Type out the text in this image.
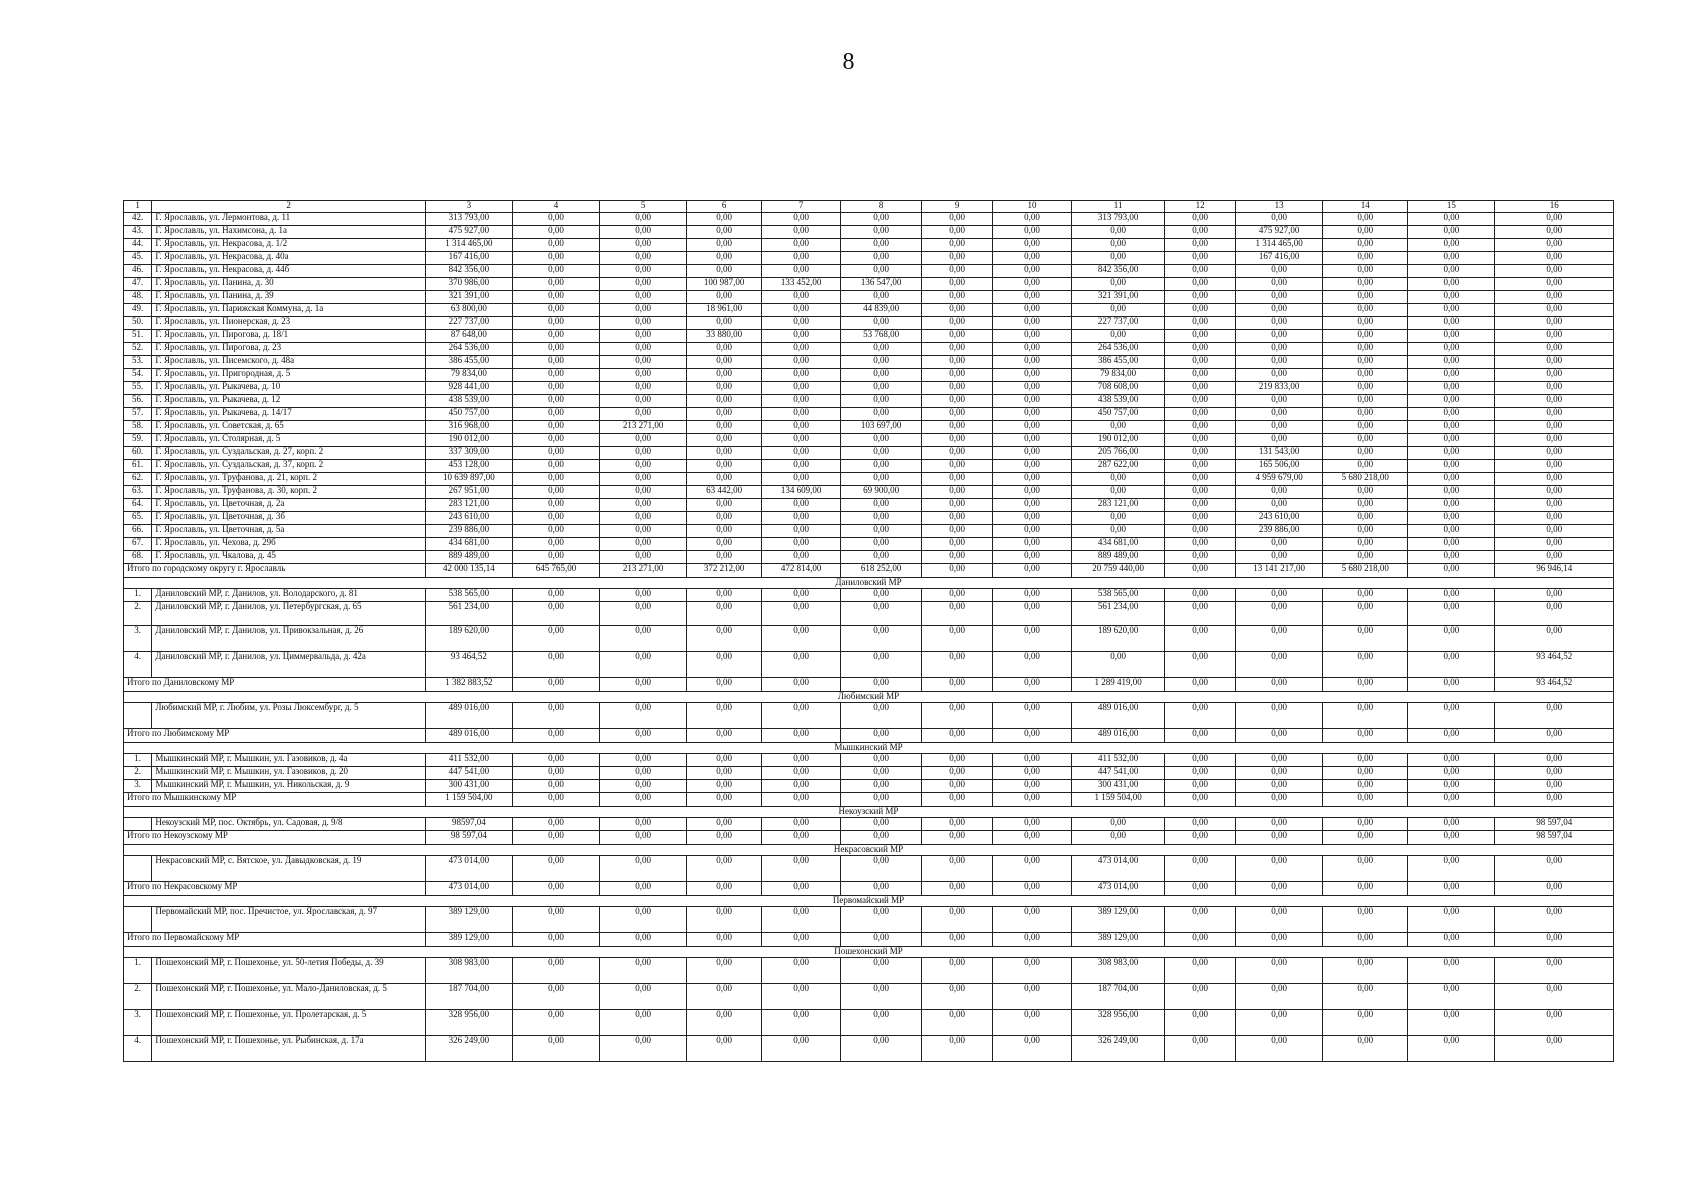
8
1	2	3	4	5	6	7	8	9	10	11	12	13	14	15	16
42.	Г. Ярославль, ул. Лермонтова, д. 11	313 793,00	0,00	0,00	0,00	0,00	0,00	0,00	0,00	313 793,00	0,00	0,00	0,00	0,00	0,00
43.	Г. Ярославль, ул. Нахимсона, д. 1а	475 927,00	0,00	0,00	0,00	0,00	0,00	0,00	0,00	0,00	0,00	475 927,00	0,00	0,00	0,00
44.	Г. Ярославль, ул. Некрасова, д. 1/2	1 314 465,00	0,00	0,00	0,00	0,00	0,00	0,00	0,00	0,00	0,00	1 314 465,00	0,00	0,00	0,00
45.	Г. Ярославль, ул. Некрасова, д. 40а	167 416,00	0,00	0,00	0,00	0,00	0,00	0,00	0,00	0,00	0,00	167 416,00	0,00	0,00	0,00
46.	Г. Ярославль, ул. Некрасова, д. 44б	842 356,00	0,00	0,00	0,00	0,00	0,00	0,00	0,00	842 356,00	0,00	0,00	0,00	0,00	0,00
47.	Г. Ярославль, ул. Панина, д. 30	370 986,00	0,00	0,00	100 987,00	133 452,00	136 547,00	0,00	0,00	0,00	0,00	0,00	0,00	0,00	0,00
48.	Г. Ярославль, ул. Панина, д. 39	321 391,00	0,00	0,00	0,00	0,00	0,00	0,00	0,00	321 391,00	0,00	0,00	0,00	0,00	0,00
49.	Г. Ярославль, ул. Парижская Коммуна, д. 1а	63 800,00	0,00	0,00	18 961,00	0,00	44 839,00	0,00	0,00	0,00	0,00	0,00	0,00	0,00	0,00
50.	Г. Ярославль, ул. Пионерская, д. 23	227 737,00	0,00	0,00	0,00	0,00	0,00	0,00	0,00	227 737,00	0,00	0,00	0,00	0,00	0,00
51.	Г. Ярославль, ул. Пирогова, д. 18/1	87 648,00	0,00	0,00	33 880,00	0,00	53 768,00	0,00	0,00	0,00	0,00	0,00	0,00	0,00	0,00
52.	Г. Ярославль, ул. Пирогова, д. 23	264 536,00	0,00	0,00	0,00	0,00	0,00	0,00	0,00	264 536,00	0,00	0,00	0,00	0,00	0,00
53.	Г. Ярославль, ул. Писемского, д. 48а	386 455,00	0,00	0,00	0,00	0,00	0,00	0,00	0,00	386 455,00	0,00	0,00	0,00	0,00	0,00
54.	Г. Ярославль, ул. Пригородная, д. 5	79 834,00	0,00	0,00	0,00	0,00	0,00	0,00	0,00	79 834,00	0,00	0,00	0,00	0,00	0,00
55.	Г. Ярославль, ул. Рыкачева, д. 10	928 441,00	0,00	0,00	0,00	0,00	0,00	0,00	0,00	708 608,00	0,00	219 833,00	0,00	0,00	0,00
56.	Г. Ярославль, ул. Рыкачева, д. 12	438 539,00	0,00	0,00	0,00	0,00	0,00	0,00	0,00	438 539,00	0,00	0,00	0,00	0,00	0,00
57.	Г. Ярославль, ул. Рыкачева, д. 14/17	450 757,00	0,00	0,00	0,00	0,00	0,00	0,00	0,00	450 757,00	0,00	0,00	0,00	0,00	0,00
58.	Г. Ярославль, ул. Советская, д. 65	316 968,00	0,00	213 271,00	0,00	0,00	103 697,00	0,00	0,00	0,00	0,00	0,00	0,00	0,00	0,00
59.	Г. Ярославль, ул. Столярная, д. 5	190 012,00	0,00	0,00	0,00	0,00	0,00	0,00	0,00	190 012,00	0,00	0,00	0,00	0,00	0,00
60.	Г. Ярославль, ул. Суздальская, д. 27, корп. 2	337 309,00	0,00	0,00	0,00	0,00	0,00	0,00	0,00	205 766,00	0,00	131 543,00	0,00	0,00	0,00
61.	Г. Ярославль, ул. Суздальская, д. 37, корп. 2	453 128,00	0,00	0,00	0,00	0,00	0,00	0,00	0,00	287 622,00	0,00	165 506,00	0,00	0,00	0,00
62.	Г. Ярославль, ул. Труфанова, д. 21, корп. 2	10 639 897,00	0,00	0,00	0,00	0,00	0,00	0,00	0,00	0,00	0,00	4 959 679,00	5 680 218,00	0,00	0,00
63.	Г. Ярославль, ул. Труфанова, д. 30, корп. 2	267 951,00	0,00	0,00	63 442,00	134 609,00	69 900,00	0,00	0,00	0,00	0,00	0,00	0,00	0,00	0,00
64.	Г. Ярославль, ул. Цветочная, д. 2а	283 121,00	0,00	0,00	0,00	0,00	0,00	0,00	0,00	283 121,00	0,00	0,00	0,00	0,00	0,00
65.	Г. Ярославль, ул. Цветочная, д. 3б	243 610,00	0,00	0,00	0,00	0,00	0,00	0,00	0,00	0,00	0,00	243 610,00	0,00	0,00	0,00
66.	Г. Ярославль, ул. Цветочная, д. 5а	239 886,00	0,00	0,00	0,00	0,00	0,00	0,00	0,00	0,00	0,00	239 886,00	0,00	0,00	0,00
67.	Г. Ярославль, ул. Чехова, д. 29б	434 681,00	0,00	0,00	0,00	0,00	0,00	0,00	0,00	434 681,00	0,00	0,00	0,00	0,00	0,00
68.	Г. Ярославль, ул. Чкалова, д. 45	889 489,00	0,00	0,00	0,00	0,00	0,00	0,00	0,00	889 489,00	0,00	0,00	0,00	0,00	0,00
Итого по городскому округу г. Ярославль		42 000 135,14	645 765,00	213 271,00	372 212,00	472 814,00	618 252,00	0,00	0,00	20 759 440,00	0,00	13 141 217,00	5 680 218,00	0,00	96 946,14
Даниловский МР															
1.	Даниловский МР, г. Данилов, ул. Володарского, д. 81	538 565,00	0,00	0,00	0,00	0,00	0,00	0,00	0,00	538 565,00	0,00	0,00	0,00	0,00	0,00
2.	Даниловский МР, г. Данилов, ул. Петербургская, д. 65	561 234,00	0,00	0,00	0,00	0,00	0,00	0,00	0,00	561 234,00	0,00	0,00	0,00	0,00	0,00
3.	Даниловский МР, г. Данилов, ул. Привокзальная, д. 26	189 620,00	0,00	0,00	0,00	0,00	0,00	0,00	0,00	189 620,00	0,00	0,00	0,00	0,00	0,00
4.	Даниловский МР, г. Данилов, ул. Циммервальда, д. 42а	93 464,52	0,00	0,00	0,00	0,00	0,00	0,00	0,00	0,00	0,00	0,00	0,00	0,00	93 464,52
Итого по Даниловскому МР		1 382 883,52	0,00	0,00	0,00	0,00	0,00	0,00	0,00	1 289 419,00	0,00	0,00	0,00	0,00	93 464,52
Любимский МР															
	Любимский МР, г. Любим, ул. Розы Люксембург, д. 5	489 016,00	0,00	0,00	0,00	0,00	0,00	0,00	0,00	489 016,00	0,00	0,00	0,00	0,00	0,00
Итого по Любимскому МР		489 016,00	0,00	0,00	0,00	0,00	0,00	0,00	0,00	489 016,00	0,00	0,00	0,00	0,00	0,00
Мышкинский МР															
1.	Мышкинский МР, г. Мышкин, ул. Газовиков, д. 4а	411 532,00	0,00	0,00	0,00	0,00	0,00	0,00	0,00	411 532,00	0,00	0,00	0,00	0,00	0,00
2.	Мышкинский МР, г. Мышкин, ул. Газовиков, д. 20	447 541,00	0,00	0,00	0,00	0,00	0,00	0,00	0,00	447 541,00	0,00	0,00	0,00	0,00	0,00
3.	Мышкинский МР, г. Мышкин, ул. Никольская, д. 9	300 431,00	0,00	0,00	0,00	0,00	0,00	0,00	0,00	300 431,00	0,00	0,00	0,00	0,00	0,00
Итого по Мышкинскому МР		1 159 504,00	0,00	0,00	0,00	0,00	0,00	0,00	0,00	1 159 504,00	0,00	0,00	0,00	0,00	0,00
Некоузский МР															
	Некоузский МР, пос. Октябрь, ул. Садовая, д. 9/8	98597,04	0,00	0,00	0,00	0,00	0,00	0,00	0,00	0,00	0,00	0,00	0,00	0,00	98 597,04
Итого по Некоузскому МР		98 597,04	0,00	0,00	0,00	0,00	0,00	0,00	0,00	0,00	0,00	0,00	0,00	0,00	98 597,04
Некрасовский МР															
	Некрасовский МР, с. Вятское, ул. Давыдковская, д. 19	473 014,00	0,00	0,00	0,00	0,00	0,00	0,00	0,00	473 014,00	0,00	0,00	0,00	0,00	0,00
Итого по Некрасовскому МР		473 014,00	0,00	0,00	0,00	0,00	0,00	0,00	0,00	473 014,00	0,00	0,00	0,00	0,00	0,00
Первомайский МР															
	Первомайский МР, пос. Пречистое, ул. Ярославская, д. 97	389 129,00	0,00	0,00	0,00	0,00	0,00	0,00	0,00	389 129,00	0,00	0,00	0,00	0,00	0,00
Итого по Первомайскому МР		389 129,00	0,00	0,00	0,00	0,00	0,00	0,00	0,00	389 129,00	0,00	0,00	0,00	0,00	0,00
Пошехонский МР															
1.	Пошехонский МР, г. Пошехонье, ул. 50-летия Победы, д. 39	308 983,00	0,00	0,00	0,00	0,00	0,00	0,00	0,00	308 983,00	0,00	0,00	0,00	0,00	0,00
2.	Пошехонский МР, г. Пошехонье, ул. Мало-Даниловская, д. 5	187 704,00	0,00	0,00	0,00	0,00	0,00	0,00	0,00	187 704,00	0,00	0,00	0,00	0,00	0,00
3.	Пошехонский МР, г. Пошехонье, ул. Пролетарская, д. 5	328 956,00	0,00	0,00	0,00	0,00	0,00	0,00	0,00	328 956,00	0,00	0,00	0,00	0,00	0,00
4.	Пошехонский МР, г. Пошехонье, ул. Рыбинская, д. 17а	326 249,00	0,00	0,00	0,00	0,00	0,00	0,00	0,00	326 249,00	0,00	0,00	0,00	0,00	0,00
